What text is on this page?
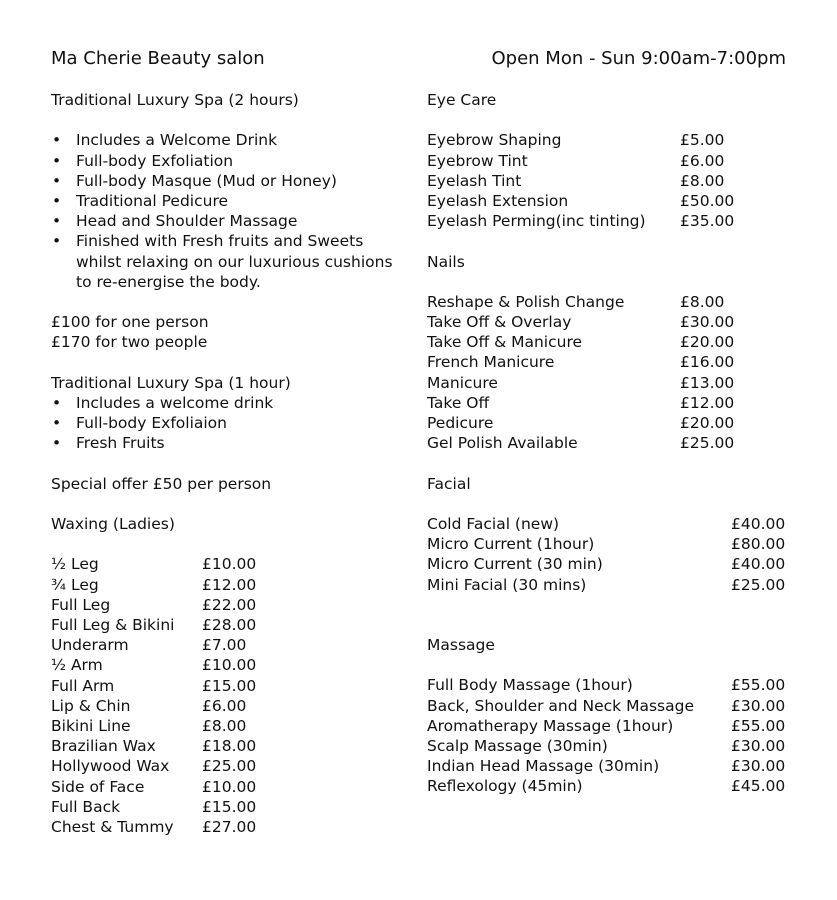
Ma Cherie Beauty salon	Open Mon - Sun 9:00am-7:00pm
Traditional Luxury Spa (2 hours)
• Includes a Welcome Drink
• Full-body Exfoliation
• Full-body Masque (Mud or Honey)
• Traditional Pedicure
• Head and Shoulder Massage
• Finished with Fresh fruits and Sweets whilst relaxing on our luxurious cushions to re-energise the body.
£100 for one person
£170 for two people
Traditional Luxury Spa (1 hour)
• Includes a welcome drink
• Full-body Exfoliaion
• Fresh Fruits
Special offer £50 per person
Waxing (Ladies)
½ Leg	£10.00
¾ Leg	£12.00
Full Leg	£22.00
Full Leg & Bikini	£28.00
Underarm	£7.00
½ Arm	£10.00
Full Arm	£15.00
Lip & Chin	£6.00
Bikini Line	£8.00
Brazilian Wax	£18.00
Hollywood Wax	£25.00
Side of Face	£10.00
Full Back	£15.00
Chest & Tummy	£27.00
Eye Care
Eyebrow Shaping	£5.00
Eyebrow Tint	£6.00
Eyelash Tint	£8.00
Eyelash Extension	£50.00
Eyelash Perming(inc tinting)	£35.00
Nails
Reshape & Polish Change	£8.00
Take Off & Overlay	£30.00
Take Off & Manicure	£20.00
French Manicure	£16.00
Manicure	£13.00
Take Off	£12.00
Pedicure	£20.00
Gel Polish Available	£25.00
Facial
Cold Facial (new)	£40.00
Micro Current (1hour)	£80.00
Micro Current (30 min)	£40.00
Mini Facial (30 mins)	£25.00
Massage
Full Body Massage (1hour)	£55.00
Back, Shoulder and Neck Massage	£30.00
Aromatherapy Massage (1hour)	£55.00
Scalp Massage (30min)	£30.00
Indian Head Massage (30min)	£30.00
Reflexology (45min)	£45.00
